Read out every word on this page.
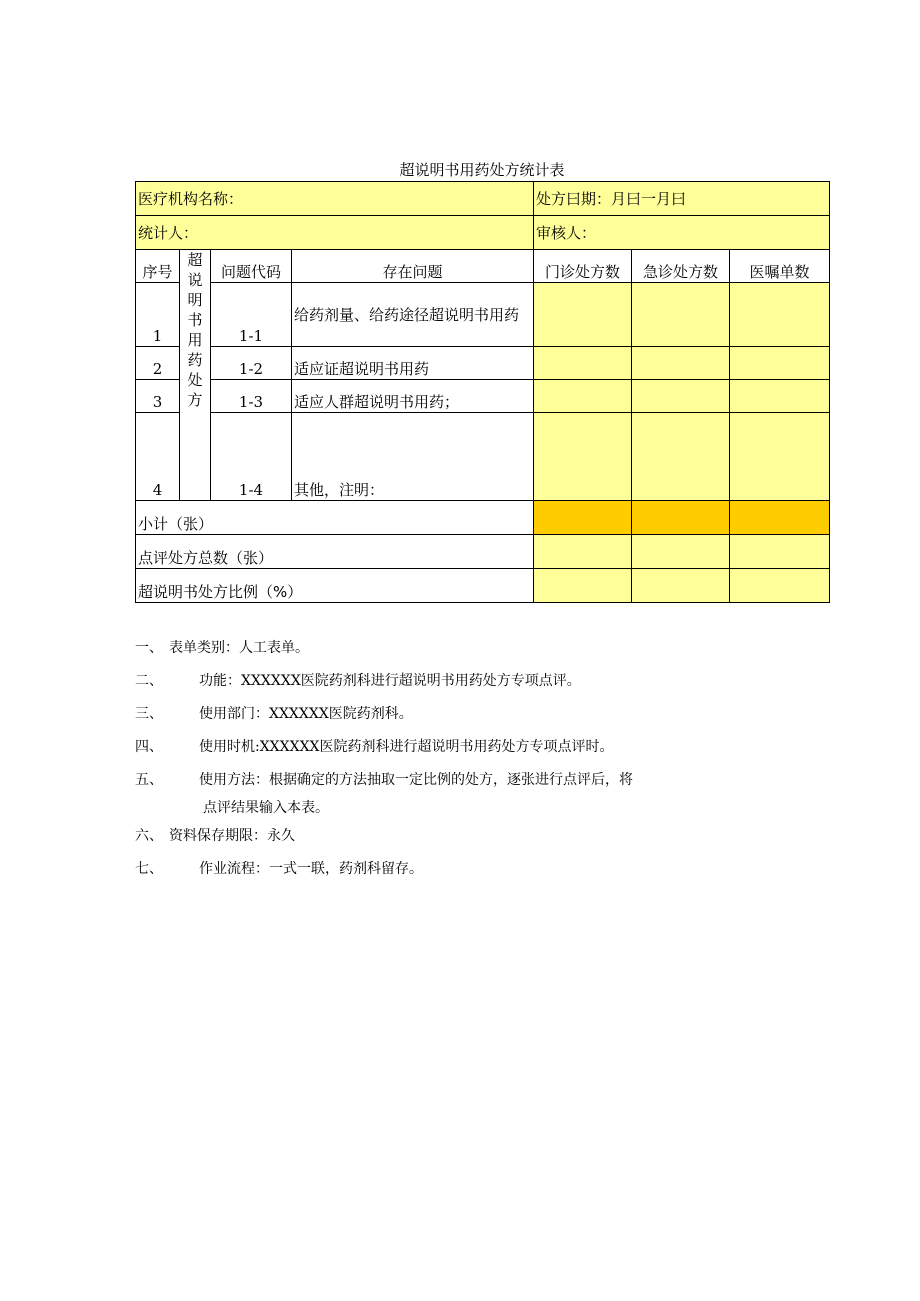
超说明书用药处方统计表
医疗机构名称：				处方曰期：月曰一月曰		
统计人：				审核人：		
序号	超说明书用药处方	问题代码	存在问题	门诊处方数	急诊处方数	医嘱单数
1		1-1	给药剂量、给药途径超说明书用药			
2		1-2	适应证超说明书用药			
3		1-3	适应人群超说明书用药；			
4		1-4	其他，注明：			
小计（张）						
点评处方总数（张）						
超说明书处方比例（%）						
一、 表单类别：人工表单。
二、	功能：XXXXXX医院药剂科进行超说明书用药处方专项点评。
三、	使用部门：XXXXXX医院药剂科。
四、	使用时机:XXXXXX医院药剂科进行超说明书用药处方专项点评时。
五、	使用方法：根据确定的方法抽取一定比例的处方，逐张进行点评后，将
点评结果输入本表。
六、 资料保存期限：永久
七、	作业流程：一式一联，药剂科留存。
